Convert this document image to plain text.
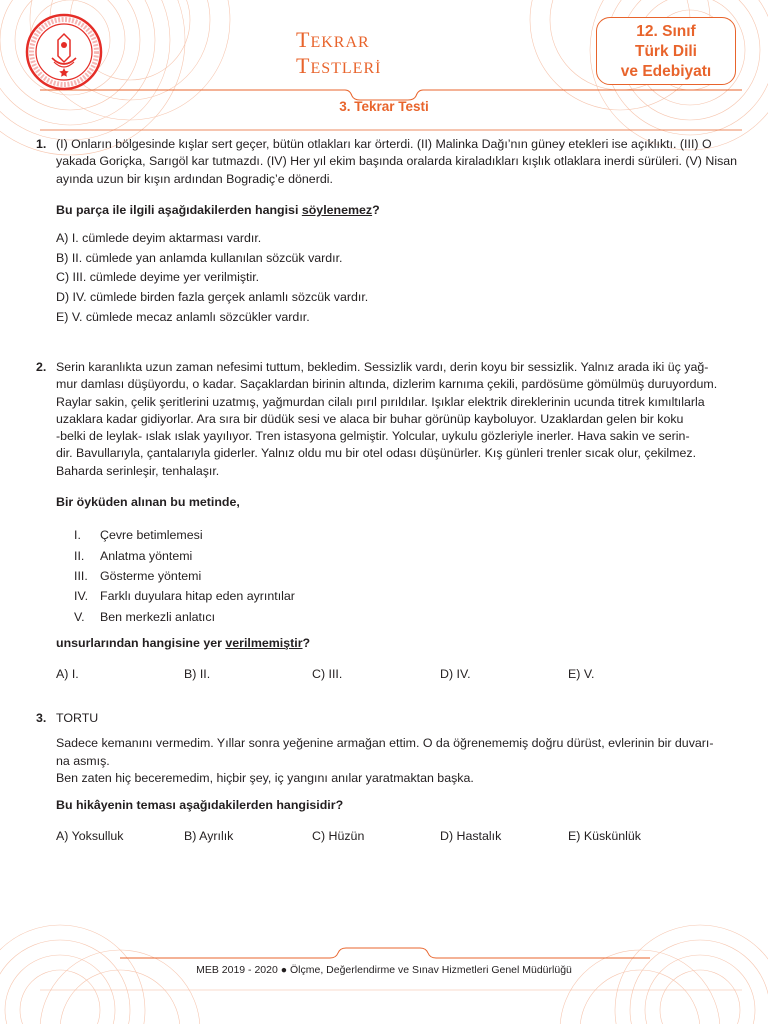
TEKRAR
TESTLERİ
12. Sınıf
Türk Dili
ve Edebiyatı
3. Tekrar Testi
1. (I) Onların bölgesinde kışlar sert geçer, bütün otlakları kar örterdi. (II) Malinka Dağı’nın güney etekleri ise açıklıktı. (III) O yakada Goriçka, Sarıgöl kar tutmazdı. (IV) Her yıl ekim başında oralarda kiraladıkları kışlık otlaklara inerdi sürüleri. (V) Nisan ayında uzun bir kışın ardından Bogradiç’e dönerdi.

Bu parça ile ilgili aşağıdakilerden hangisi söylenemez?

A) I. cümlede deyim aktarması vardır.
B) II. cümlede yan anlamda kullanılan sözcük vardır.
C) III. cümlede deyime yer verilmiştir.
D) IV. cümlede birden fazla gerçek anlamlı sözcük vardır.
E) V. cümlede mecaz anlamlı sözcükler vardır.
2. Serin karanlıkta uzun zaman nefesimi tuttum, bekledim. Sessizlik vardı, derin koyu bir sessizlik. Yalnız arada iki üç yağ-
mur damlası düşüyordu, o kadar. Saçaklardan birinin altında, dizlerim karnıma çekili, pardösüme gömülmüş duruyordum.
Raylar sakin, çelik şeritlerini uzatmış, yağmurdan cilalı pırıl pırıldılar. Işıklar elektrik direklerinin ucunda titrek kımıltılarla
uzaklara kadar gidiyorlar. Ara sıra bir düdük sesi ve alaca bir buhar görünüp kayboluyor. Uzaklardan gelen bir koku
-belki de leylak- ıslak ıslak yayılıyor. Tren istasyona gelmiştir. Yolcular, uykulu gözleriyle inerler. Hava sakin ve serin-
dir. Bavullarıyla, çantalarıyla giderler. Yalnız oldu mu bir otel odası düşünürler. Kış günleri trenler sıcak olur, çekilmez.
Baharda serinleşir, tenhalaşır.

Bir öyküden alınan bu metinde,

I.	Çevre betimlemesi
II.	Anlatma yöntemi
III. Gösterme yöntemi
IV. Farklı duyulara hitap eden ayrıntılar
V.	Ben merkezli anlatıcı

unsurlarından hangisine yer verilmemiştir?

A) I.	B) II.	C) III.	D) IV.	E) V.
3. TORTU

Sadece kemanını vermedim. Yıllar sonra yeğenine armağan ettim. O da öğrenememiş doğru dürüst, evlerinin bir duvarı-

na asmış.

Ben zaten hiç beceremedim, hiçbir şey, iç yangını anılar yaratmaktan başka.

Bu hikâyenin teması aşağıdakilerden hangisidir?

A) Yoksulluk	B) Ayrılık	C) Hüzün	D) Hastalık	E) Küskünlük
MEB 2019 - 2020 ● Ölçme, Değerlendirme ve Sınav Hizmetleri Genel Müdürlüğü
